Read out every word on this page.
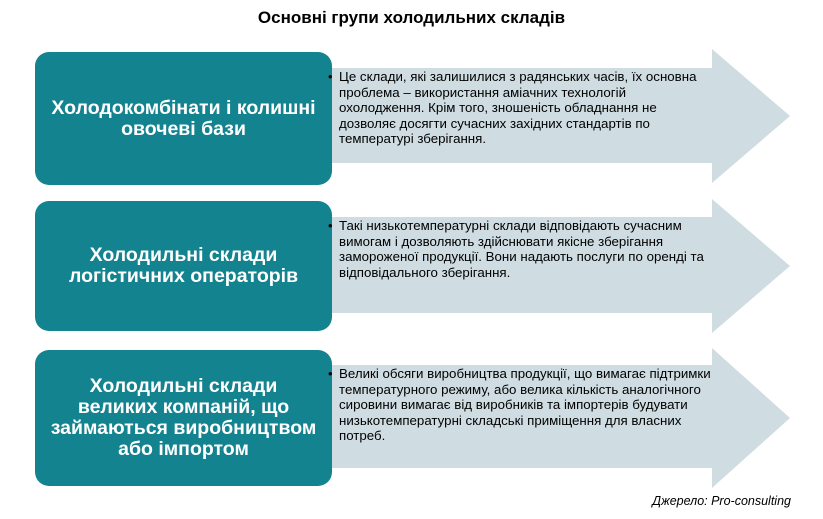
Основні групи холодильних складів
Холодокомбінати і колишні овочеві бази
Холодильні склади логістичних операторів
Холодильні склади великих компаній, що займаються виробництвом або імпортом
• Це склади, які залишилися з радянських часів, їх основна проблема – використання аміачних технологій охолодження. Крім того, зношеність обладнання не дозволяє досягти сучасних західних стандартів по температурі зберігання.
• Такі низькотемпературні склади відповідають сучасним вимогам і дозволяють здійснювати якісне зберігання замороженої продукції. Вони надають послуги по оренді та відповідального зберігання.
• Великі обсяги виробництва продукції, що вимагає підтримки температурного режиму, або велика кількість аналогічного сировини вимагає від виробників та імпортерів будувати низькотемпературні складські приміщення для власних потреб.
Джерело: Pro-consulting
